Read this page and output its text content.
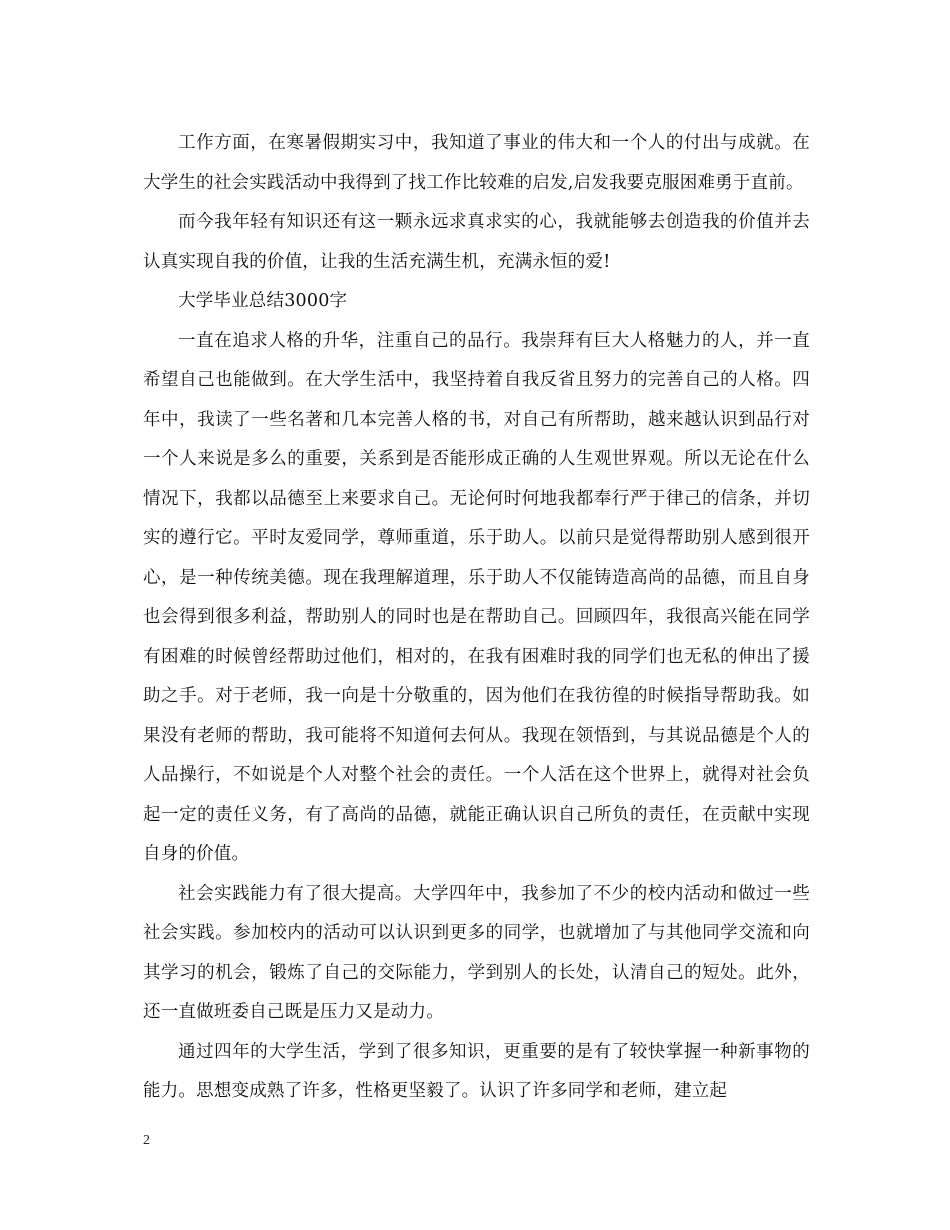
工作方面，在寒暑假期实习中，我知道了事业的伟大和一个人的付出与成就。在大学生的社会实践活动中我得到了找工作比较难的启发,启发我要克服困难勇于直前。

而今我年轻有知识还有这一颗永远求真求实的心，我就能够去创造我的价值并去认真实现自我的价值，让我的生活充满生机，充满永恒的爱!

大学毕业总结3000字

一直在追求人格的升华，注重自己的品行。我崇拜有巨大人格魅力的人，并一直希望自己也能做到。在大学生活中，我坚持着自我反省且努力的完善自己的人格。四年中，我读了一些名著和几本完善人格的书，对自己有所帮助，越来越认识到品行对一个人来说是多么的重要，关系到是否能形成正确的人生观世界观。所以无论在什么情况下，我都以品德至上来要求自己。无论何时何地我都奉行严于律己的信条，并切实的遵行它。平时友爱同学，尊师重道，乐于助人。以前只是觉得帮助别人感到很开心，是一种传统美德。现在我理解道理，乐于助人不仅能铸造高尚的品德，而且自身也会得到很多利益，帮助别人的同时也是在帮助自己。回顾四年，我很高兴能在同学有困难的时候曾经帮助过他们，相对的，在我有困难时我的同学们也无私的伸出了援助之手。对于老师，我一向是十分敬重的，因为他们在我彷徨的时候指导帮助我。如果没有老师的帮助，我可能将不知道何去何从。我现在领悟到，与其说品德是个人的人品操行，不如说是个人对整个社会的责任。一个人活在这个世界上，就得对社会负起一定的责任义务，有了高尚的品德，就能正确认识自己所负的责任，在贡献中实现自身的价值。

社会实践能力有了很大提高。大学四年中，我参加了不少的校内活动和做过一些社会实践。参加校内的活动可以认识到更多的同学，也就增加了与其他同学交流和向其学习的机会，锻炼了自己的交际能力，学到别人的长处，认清自己的短处。此外，还一直做班委自己既是压力又是动力。

通过四年的大学生活，学到了很多知识，更重要的是有了较快掌握一种新事物的能力。思想变成熟了许多，性格更坚毅了。认识了许多同学和老师，建立起

2
